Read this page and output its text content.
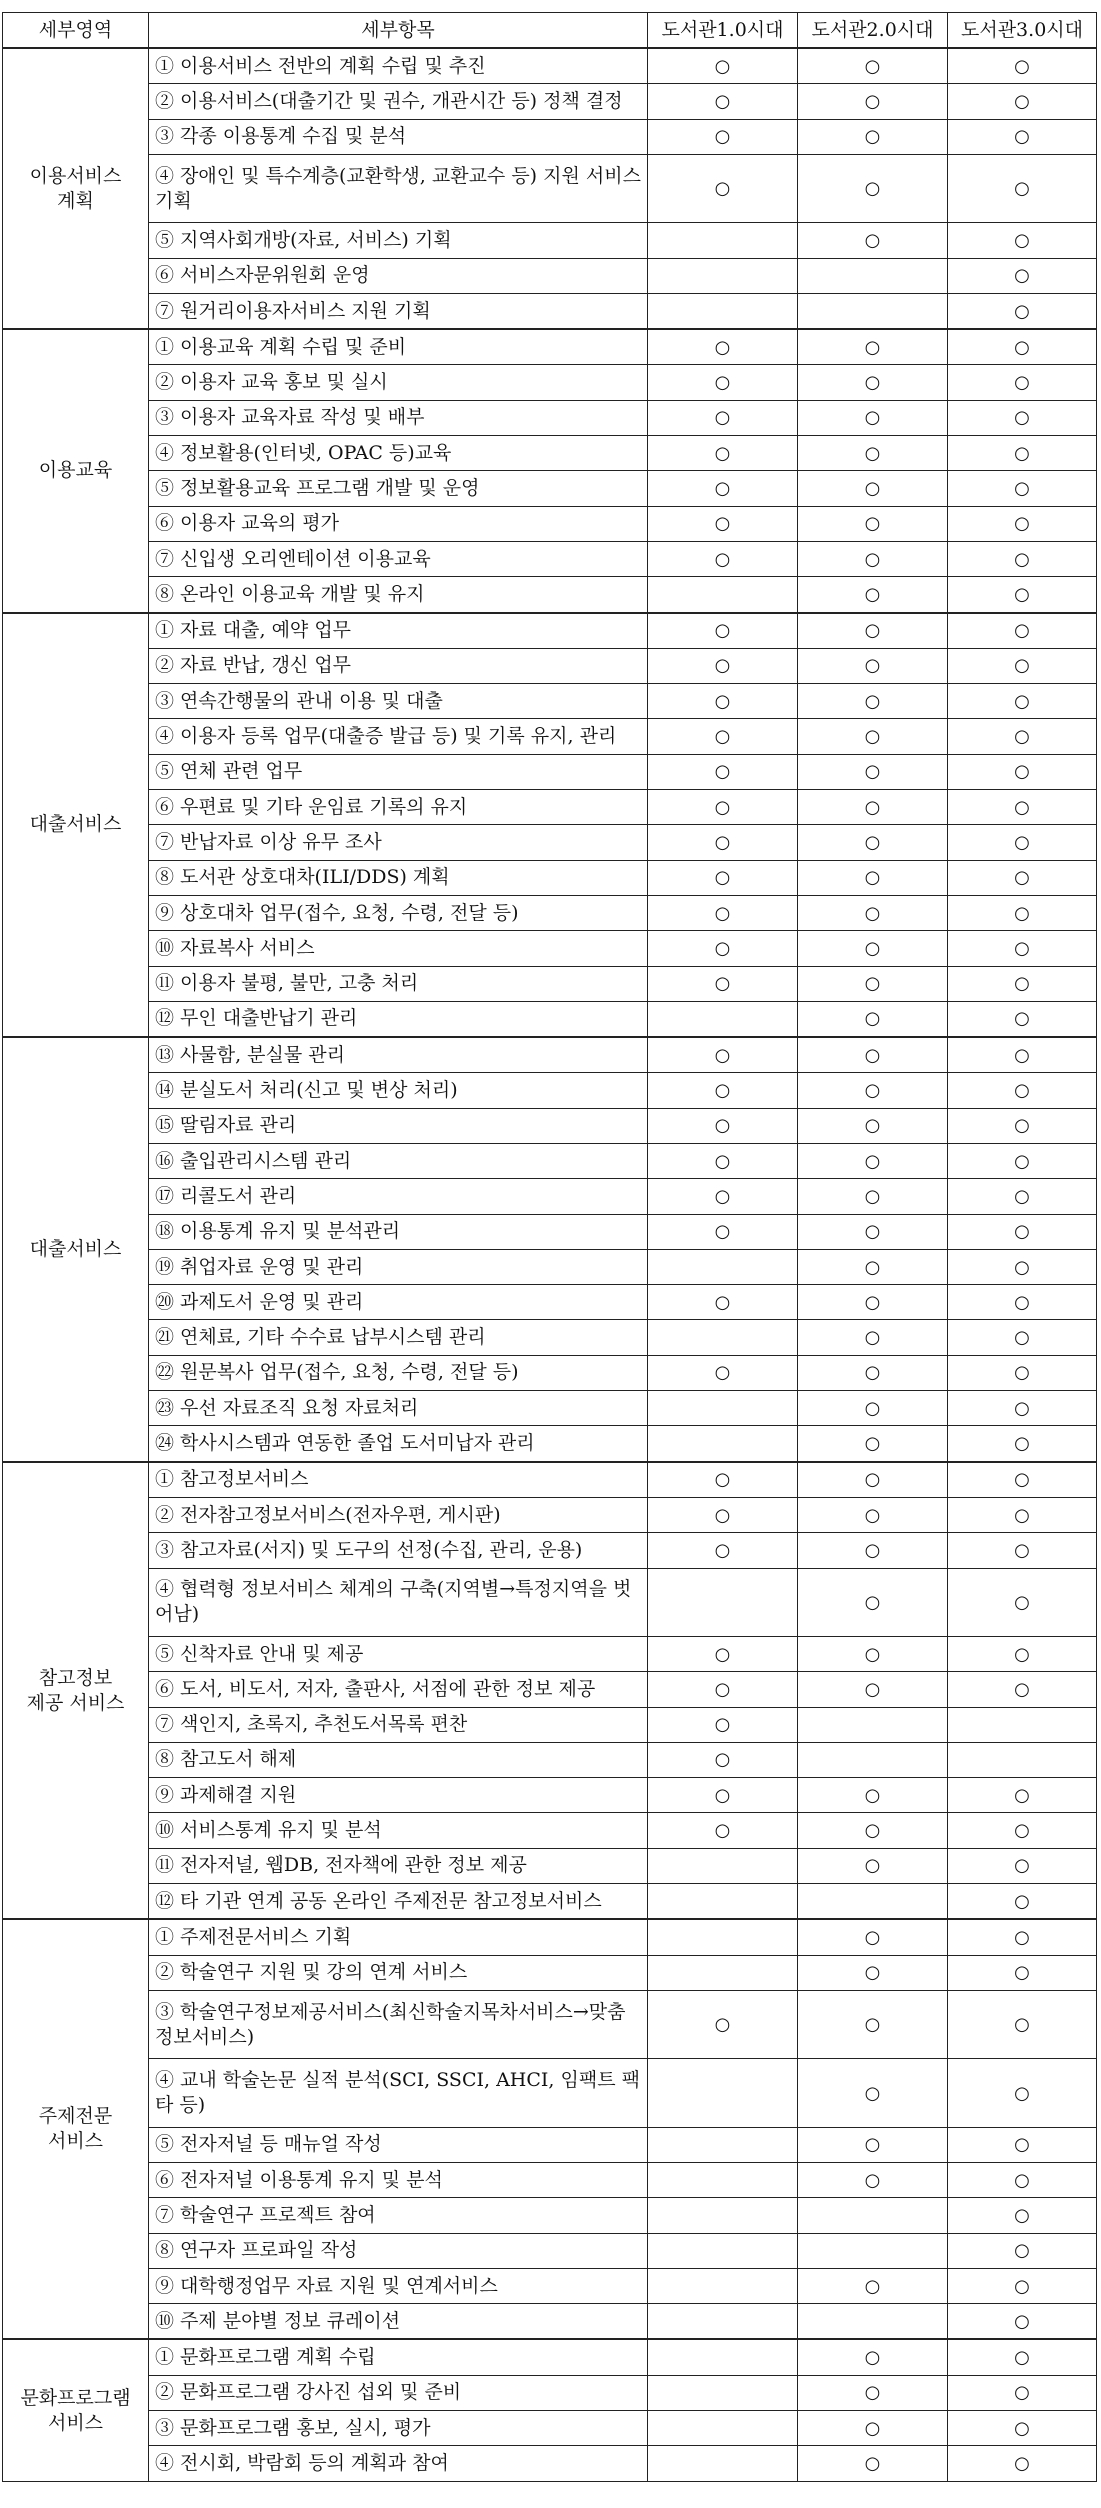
세부영역	세부항목	도서관1.0시대	도서관2.0시대	도서관3.0시대
이용서비스
계획	① 이용서비스 전반의 계획 수립 및 추진	○	○	○
	② 이용서비스(대출기간 및 권수, 개관시간 등) 정책 결정	○	○	○
	③ 각종 이용통계 수집 및 분석	○	○	○
	④ 장애인 및 특수계층(교환학생, 교환교수 등) 지원 서비스 기획	○	○	○
	⑤ 지역사회개방(자료, 서비스) 기획		○	○
	⑥ 서비스자문위원회 운영			○
	⑦ 원거리이용자서비스 지원 기획			○
이용교육	① 이용교육 계획 수립 및 준비	○	○	○
	② 이용자 교육 홍보 및 실시	○	○	○
	③ 이용자 교육자료 작성 및 배부	○	○	○
	④ 정보활용(인터넷, OPAC 등)교육	○	○	○
	⑤ 정보활용교육 프로그램 개발 및 운영	○	○	○
	⑥ 이용자 교육의 평가	○	○	○
	⑦ 신입생 오리엔테이션 이용교육	○	○	○
	⑧ 온라인 이용교육 개발 및 유지		○	○
대출서비스	① 자료 대출, 예약 업무	○	○	○
	② 자료 반납, 갱신 업무	○	○	○
	③ 연속간행물의 관내 이용 및 대출	○	○	○
	④ 이용자 등록 업무(대출증 발급 등) 및 기록 유지, 관리	○	○	○
	⑤ 연체 관련 업무	○	○	○
	⑥ 우편료 및 기타 운임료 기록의 유지	○	○	○
	⑦ 반납자료 이상 유무 조사	○	○	○
	⑧ 도서관 상호대차(ILI/DDS) 계획	○	○	○
	⑨ 상호대차 업무(접수, 요청, 수령, 전달 등)	○	○	○
	⑩ 자료복사 서비스	○	○	○
	⑪ 이용자 불평, 불만, 고충 처리	○	○	○
	⑫ 무인 대출반납기 관리		○	○
대출서비스	⑬ 사물함, 분실물 관리	○	○	○
	⑭ 분실도서 처리(신고 및 변상 처리)	○	○	○
	⑮ 딸림자료 관리	○	○	○
	⑯ 출입관리시스템 관리	○	○	○
	⑰ 리콜도서 관리	○	○	○
	⑱ 이용통계 유지 및 분석관리	○	○	○
	⑲ 취업자료 운영 및 관리		○	○
	⑳ 과제도서 운영 및 관리	○	○	○
	㉑ 연체료, 기타 수수료 납부시스템 관리		○	○
	㉒ 원문복사 업무(접수, 요청, 수령, 전달 등)	○	○	○
	㉓ 우선 자료조직 요청 자료처리		○	○
	㉔ 학사시스템과 연동한 졸업 도서미납자 관리		○	○
참고정보
제공 서비스	① 참고정보서비스	○	○	○
	② 전자참고정보서비스(전자우편, 게시판)	○	○	○
	③ 참고자료(서지) 및 도구의 선정(수집, 관리, 운용)	○	○	○
	④ 협력형 정보서비스 체계의 구축(지역별→특정지역을 벗어남)		○	○
	⑤ 신착자료 안내 및 제공	○	○	○
	⑥ 도서, 비도서, 저자, 출판사, 서점에 관한 정보 제공	○	○	○
	⑦ 색인지, 초록지, 추천도서목록 편찬	○		
	⑧ 참고도서 해제	○		
	⑨ 과제해결 지원	○	○	○
	⑩ 서비스통계 유지 및 분석	○	○	○
	⑪ 전자저널, 웹DB, 전자책에 관한 정보 제공		○	○
	⑫ 타 기관 연계 공동 온라인 주제전문 참고정보서비스			○
주제전문
서비스	① 주제전문서비스 기획		○	○
	② 학술연구 지원 및 강의 연계 서비스		○	○
	③ 학술연구정보제공서비스(최신학술지목차서비스→맞춤정보서비스)	○	○	○
	④ 교내 학술논문 실적 분석(SCI, SSCI, AHCI, 임팩트 팩타 등)		○	○
	⑤ 전자저널 등 매뉴얼 작성		○	○
	⑥ 전자저널 이용통계 유지 및 분석		○	○
	⑦ 학술연구 프로젝트 참여			○
	⑧ 연구자 프로파일 작성			○
	⑨ 대학행정업무 자료 지원 및 연계서비스		○	○
	⑩ 주제 분야별 정보 큐레이션			○
문화프로그램
서비스	① 문화프로그램 계획 수립		○	○
	② 문화프로그램 강사진 섭외 및 준비		○	○
	③ 문화프로그램 홍보, 실시, 평가		○	○
	④ 전시회, 박람회 등의 계획과 참여		○	○
